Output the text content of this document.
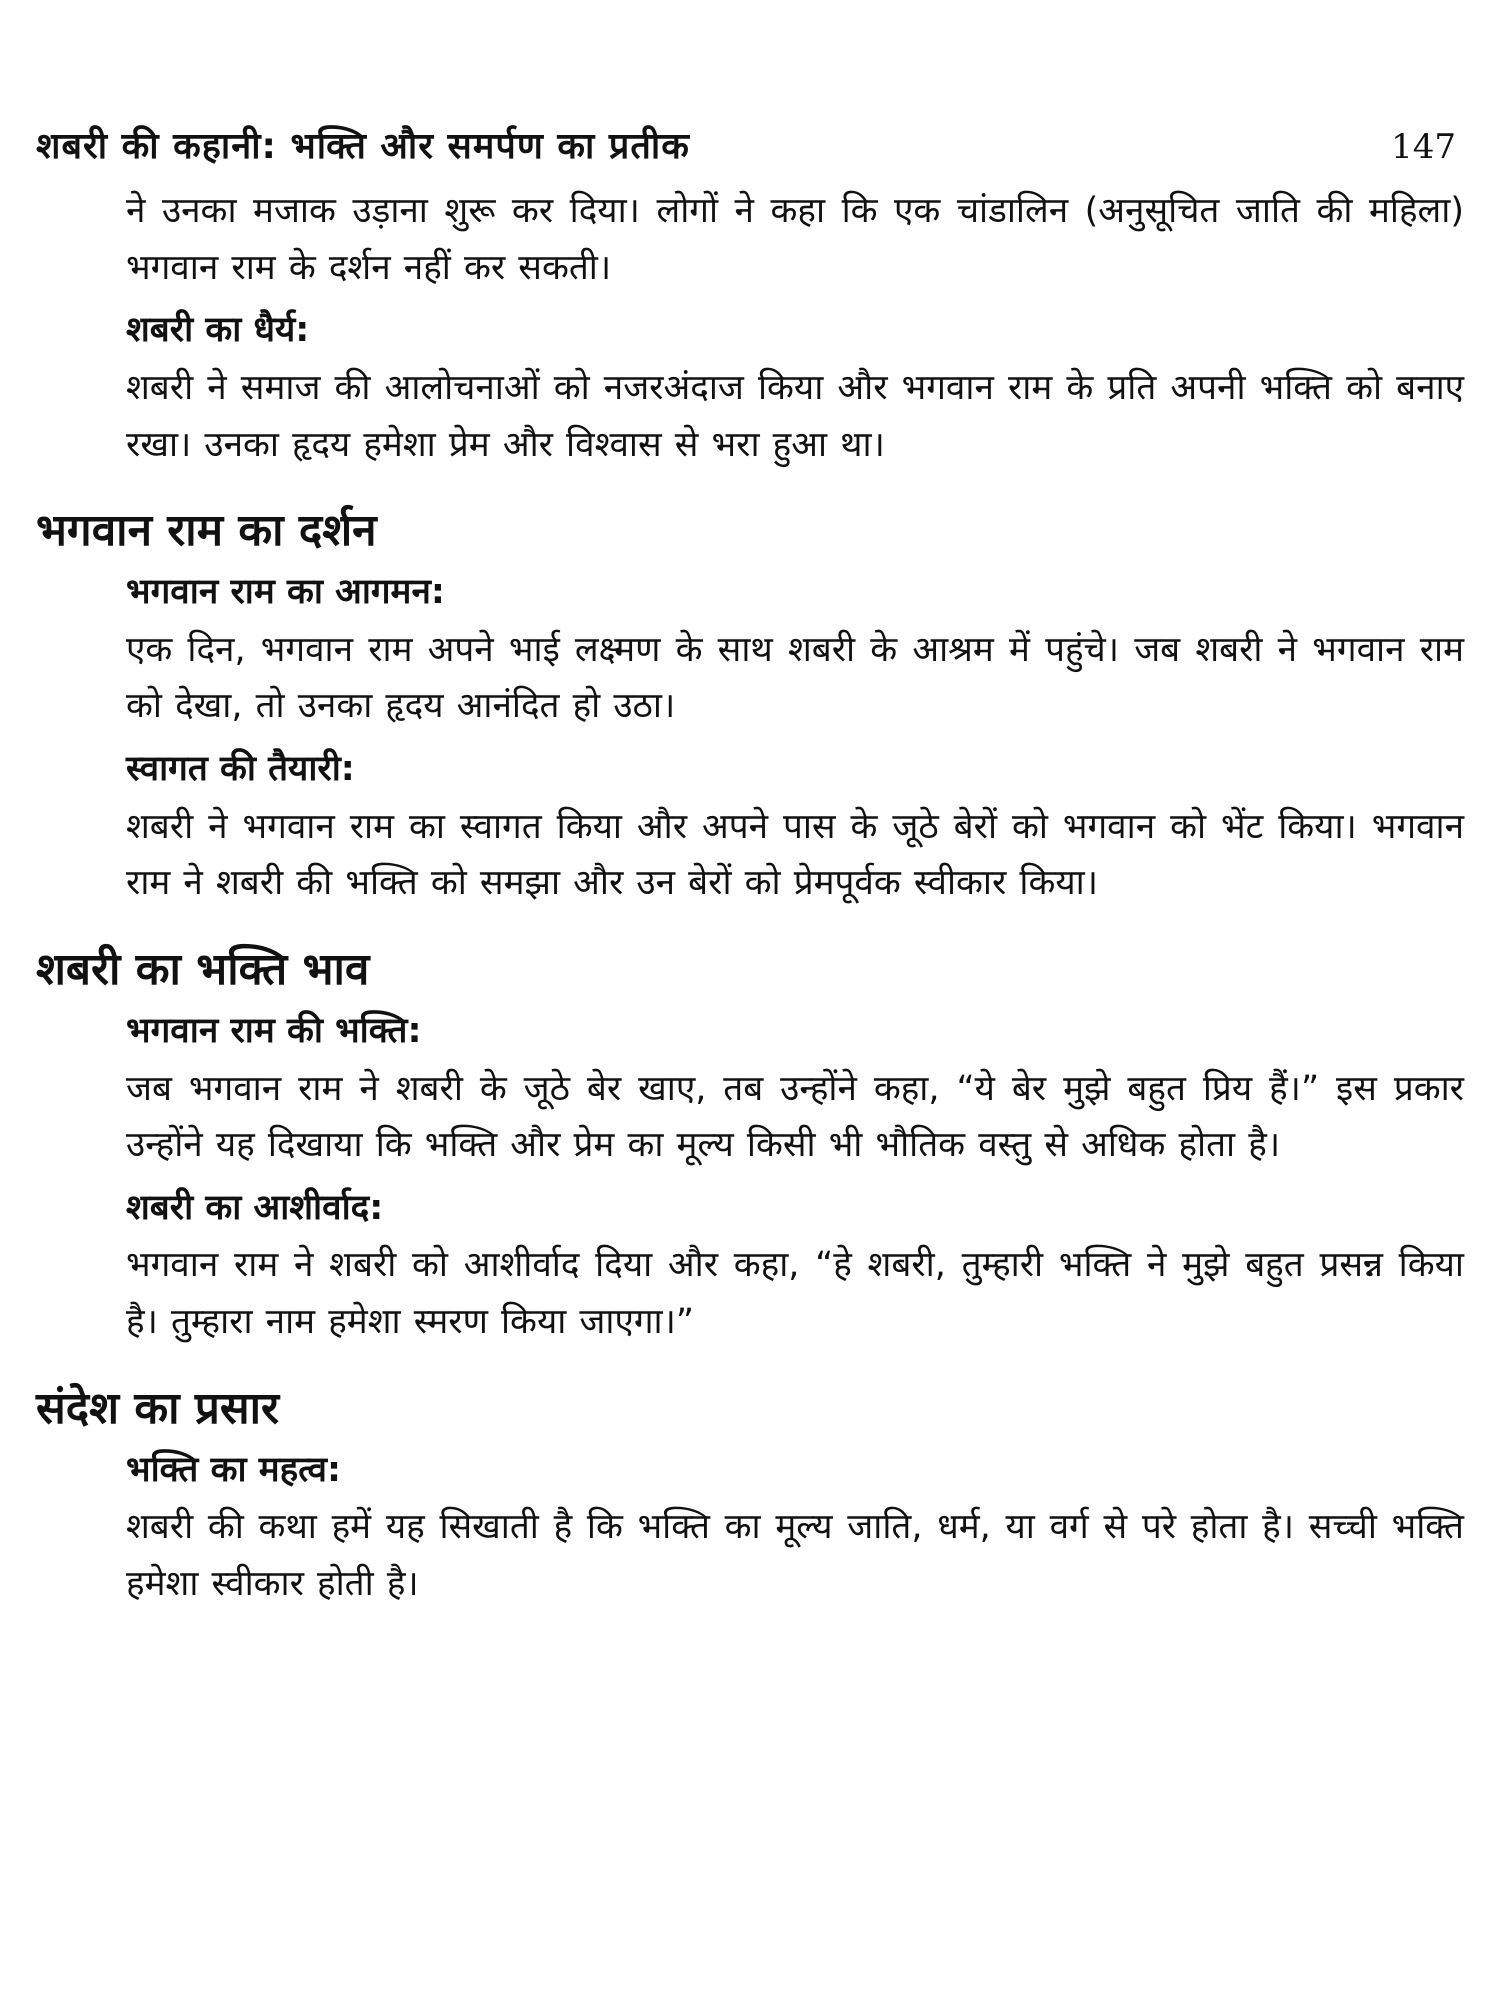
शबरी की कहानी: भक्ति और समर्पण का प्रतीक	147

ने उनका मजाक उड़ाना शुरू कर दिया। लोगों ने कहा कि एक चांडालिन (अनुसूचित जाति की महिला) भगवान राम के दर्शन नहीं कर सकती।

शबरी का धैर्य:

शबरी ने समाज की आलोचनाओं को नजरअंदाज किया और भगवान राम के प्रति अपनी भक्ति को बनाए रखा। उनका हृदय हमेशा प्रेम और विश्वास से भरा हुआ था।

भगवान राम का दर्शन
भगवान राम का आगमन:

एक दिन, भगवान राम अपने भाई लक्ष्मण के साथ शबरी के आश्रम में पहुंचे। जब शबरी ने भगवान राम को देखा, तो उनका हृदय आनंदित हो उठा।

स्वागत की तैयारी:

शबरी ने भगवान राम का स्वागत किया और अपने पास के जूठे बेरों को भगवान को भेंट किया। भगवान राम ने शबरी की भक्ति को समझा और उन बेरों को प्रेमपूर्वक स्वीकार किया।

शबरी का भक्ति भाव
भगवान राम की भक्ति:

जब भगवान राम ने शबरी के जूठे बेर खाए, तब उन्होंने कहा, “ये बेर मुझे बहुत प्रिय हैं।” इस प्रकार उन्होंने यह दिखाया कि भक्ति और प्रेम का मूल्य किसी भी भौतिक वस्तु से अधिक होता है।

शबरी का आशीर्वाद:

भगवान राम ने शबरी को आशीर्वाद दिया और कहा, “हे शबरी, तुम्हारी भक्ति ने मुझे बहुत प्रसन्न किया है। तुम्हारा नाम हमेशा स्मरण किया जाएगा।”

संदेश का प्रसार
भक्ति का महत्व:

शबरी की कथा हमें यह सिखाती है कि भक्ति का मूल्य जाति, धर्म, या वर्ग से परे होता है। सच्ची भक्ति हमेशा स्वीकार होती है।
